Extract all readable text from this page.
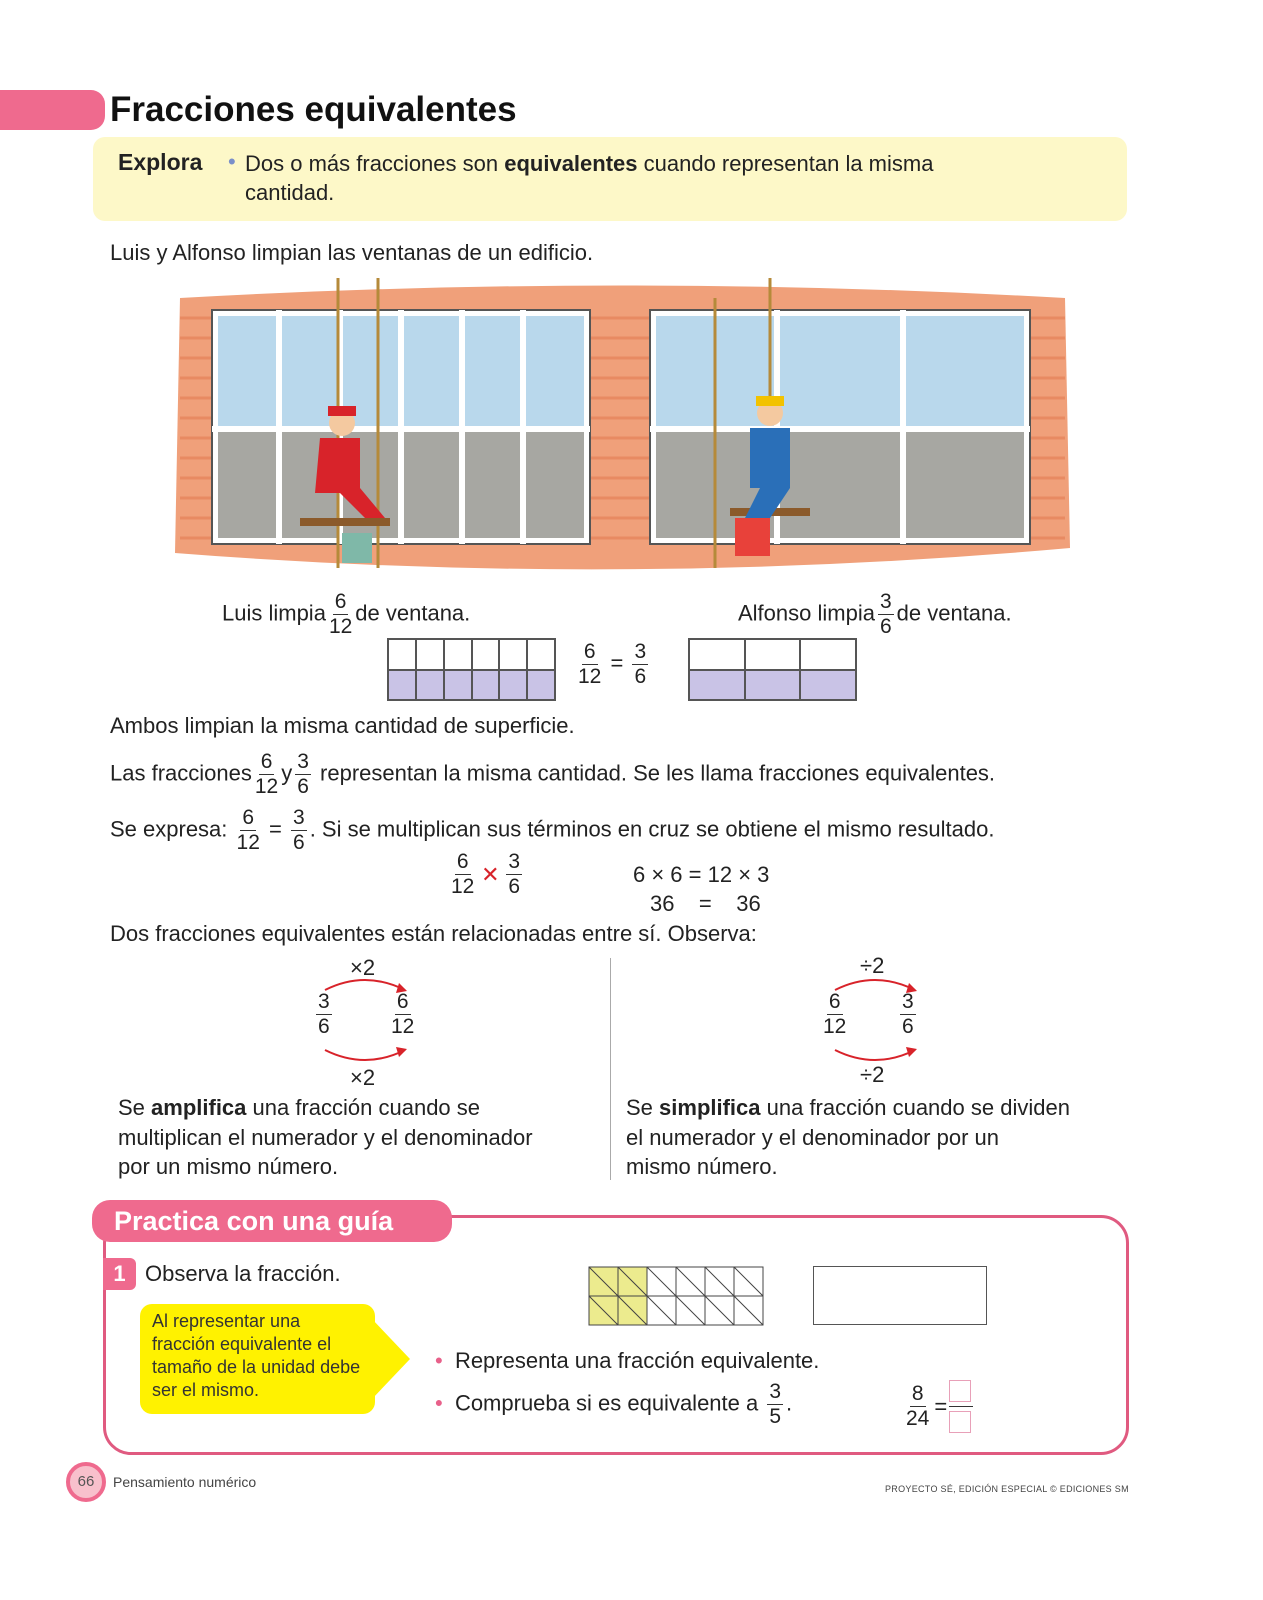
Fracciones equivalentes
Explora • Dos o más fracciones son equivalentes cuando representan la misma
cantidad.
Luis y Alfonso limpian las ventanas de un edificio.
Luis limpia $\frac{6}{12}$ de ventana.	Alfonso limpia $\frac{3}{6}$ de ventana.
$\frac{6}{12} = \frac{3}{6}$
Ambos limpian la misma cantidad de superficie.
Las fracciones $\frac{6}{12}$ y $\frac{3}{6}$ representan la misma cantidad. Se les llama fracciones equivalentes.
Se expresa: $\frac{6}{12} = \frac{3}{6}$ . Si se multiplican sus términos en cruz se obtiene el mismo resultado.
$\frac{6}{12}$ ✕ $\frac{3}{6}$	6 × 6 = 12 × 3
36    =    36
Dos fracciones equivalentes están relacionadas entre sí. Observa:
×2
$\frac{3}{6}$	$\frac{6}{12}$
×2
Se amplifica una fracción cuando se
multiplican el numerador y el denominador
por un mismo número.
÷2
$\frac{6}{12}$	$\frac{3}{6}$
÷2
Se simplifica una fracción cuando se dividen
el numerador y el denominador por un
mismo número.
Practica con una guía
1 Observa la fracción.
Al representar una fracción equivalente el tamaño de la unidad debe ser el mismo.
• Representa una fracción equivalente.
• Comprueba si es equivalente a $\frac{3}{5}$ .	$\frac{8}{24}$ =
66	Pensamiento numérico	PROYECTO SÉ, EDICIÓN ESPECIAL © EDICIONES SM
